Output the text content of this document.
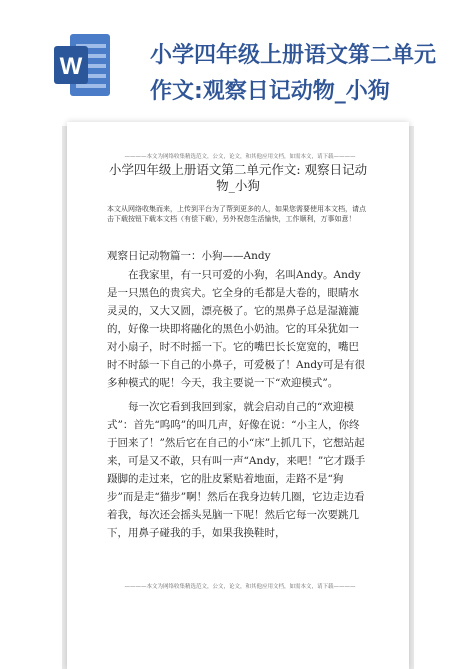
W	小学四年级上册语文第二单元作文:观察日记动物_小狗
————本文为网络收集精选范文，公文，论文，和其他应用文档，如需本文，请下载————
小学四年级上册语文第二单元作文: 观察日记动物_小狗
本文从网络收集而来，上传到平台为了帮到更多的人，如果您需要使用本文档，请点击下载按钮下载本文档（有偿下载），另外祝您生活愉快，工作顺利，万事如意！
观察日记动物篇一：小狗——Andy

在我家里，有一只可爱的小狗，名叫Andy。Andy是一只黑色的贵宾犬。它全身的毛都是大卷的，眼睛水灵灵的，又大又圆，漂亮极了。它的黑鼻子总是湿漉漉的，好像一块即将融化的黑色小奶油。它的耳朵犹如一对小扇子，时不时摇一下。它的嘴巴长长宽宽的，嘴巴时不时舔一下自己的小鼻子，可爱极了！Andy可是有很多种模式的呢！今天，我主要说一下“欢迎模式”。

每一次它看到我回到家，就会启动自己的“欢迎模式”：首先“呜呜”的叫几声，好像在说：“小主人，你终于回来了！”然后它在自己的小“床”上抓几下，它想站起来，可是又不敢，只有叫一声“Andy，来吧！”它才蹑手蹑脚的走过来，它的肚皮紧贴着地面，走路不是“狗步”而是走“猫步”啊！然后在我身边转几圈，它边走边看着我，每次还会摇头晃脑一下呢！然后它每一次要跳几下，用鼻子碰我的手，如果我换鞋时，

————本文为网络收集精选范文，公文，论文，和其他应用文档，如需本文，请下载————
